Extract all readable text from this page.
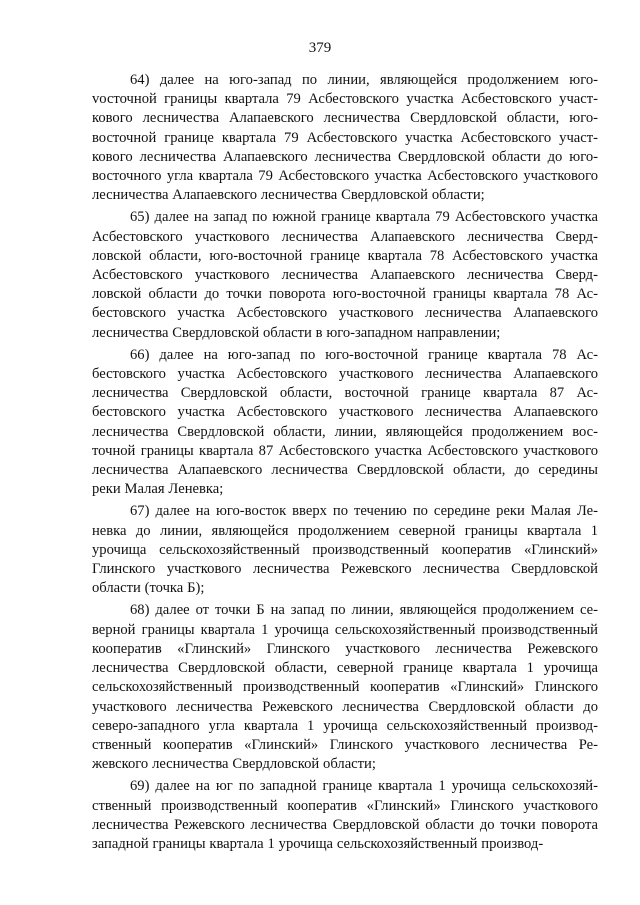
379

64) далее на юго-запад по линии, являющейся продолжением югоvосточной границы квартала 79 Асбестовского участка Асбестовского участкового лесничества Алапаевского лесничества Свердловской области, юговосточной границе квартала 79 Асбестовского участка Асбестовского участкового лесничества Алапаевского лесничества Свердловской области до юговосточного угла квартала 79 Асбестовского участка Асбестовского участкового лесничества Алапаевского лесничества Свердловской области;

65) далее на запад по южной границе квартала 79 Асбестовского участка Асбестовского участкового лесничества Алапаевского лесничества Свердловской области, юго-восточной границе квартала 78 Асбестовского участка Асбестовского участкового лесничества Алапаевского лесничества Свердловской области до точки поворота юго-восточной границы квартала 78 Асбестовского участка Асбестовского участкового лесничества Алапаевского лесничества Свердловской области в юго-западном направлении;

66) далее на юго-запад по юго-восточной границе квартала 78 Асбестовского участка Асбестовского участкового лесничества Алапаевского лесничества Свердловской области, восточной границе квартала 87 Асбестовского участка Асбестовского участкового лесничества Алапаевского лесничества Свердловской области, линии, являющейся продолжением восточной границы квартала 87 Асбестовского участка Асбестовского участкового лесничества Алапаевского лесничества Свердловской области, до середины реки Малая Леневка;

67) далее на юго-восток вверх по течению по середине реки Малая Леневка до линии, являющейся продолжением северной границы квартала 1 урочища сельскохозяйственный производственный кооператив «Глинский» Глинского участкового лесничества Режевского лесничества Свердловской области (точка Б);

68) далее от точки Б на запад по линии, являющейся продолжением северной границы квартала 1 урочища сельскохозяйственный производственный кооператив «Глинский» Глинского участкового лесничества Режевского лесничества Свердловской области, северной границе квартала 1 урочища сельскохозяйственный производственный кооператив «Глинский» Глинского участкового лесничества Режевского лесничества Свердловской области до северо-западного угла квартала 1 урочища сельскохозяйственный производственный кооператив «Глинский» Глинского участкового лесничества Режевского лесничества Свердловской области;

69) далее на юг по западной границе квартала 1 урочища сельскохозяйственный производственный кооператив «Глинский» Глинского участкового лесничества Режевского лесничества Свердловской области до точки поворота западной границы квартала 1 урочища сельскохозяйственный производ-
